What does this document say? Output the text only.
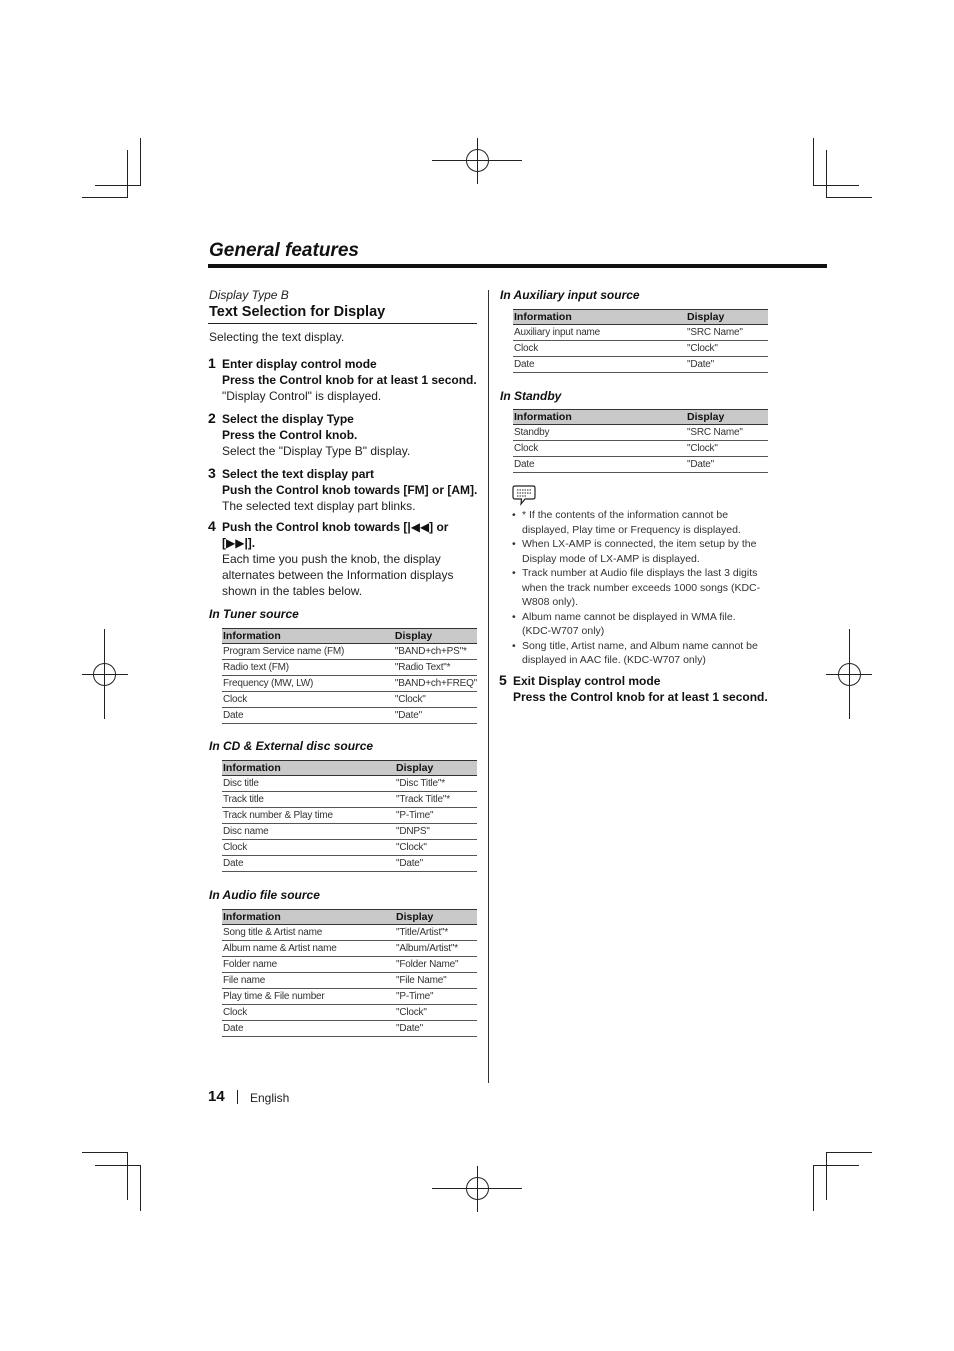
General features
Display Type B
Text Selection for Display
Selecting the text display.
1 Enter display control mode
Press the Control knob for at least 1 second.
"Display Control" is displayed.
2 Select the display Type
Press the Control knob.
Select the "Display Type B" display.
3 Select the text display part
Push the Control knob towards [FM] or [AM].
The selected text display part blinks.
4 Push the Control knob towards [|◀◀] or
[▶▶|].
Each time you push the knob, the display alternates between the Information displays shown in the tables below.
In Tuner source
Information	Display
Program Service name (FM)	"BAND+ch+PS"*
Radio text (FM)	"Radio Text"*
Frequency (MW, LW)	"BAND+ch+FREQ"
Clock	"Clock"
Date	"Date"
In CD & External disc source
Information	Display
Disc title	"Disc Title"*
Track title	"Track Title"*
Track number & Play time	"P-Time"
Disc name	"DNPS"
Clock	"Clock"
Date	"Date"
In Audio file source
Information	Display
Song title & Artist name	"Title/Artist"*
Album name & Artist name	"Album/Artist"*
Folder name	"Folder Name"
File name	"File Name"
Play time & File number	"P-Time"
Clock	"Clock"
Date	"Date"
In Auxiliary input source
Information	Display
Auxiliary input name	"SRC Name"
Clock	"Clock"
Date	"Date"
In Standby
Information	Display
Standby	"SRC Name"
Clock	"Clock"
Date	"Date"
• * If the contents of the information cannot be displayed, Play time or Frequency is displayed.
• When LX-AMP is connected, the item setup by the Display mode of LX-AMP is displayed.
• Track number at Audio file displays the last 3 digits when the track number exceeds 1000 songs (KDC-W808 only).
• Album name cannot be displayed in WMA file. (KDC-W707 only)
• Song title, Artist name, and Album name cannot be displayed in AAC file. (KDC-W707 only)
5 Exit Display control mode
Press the Control knob for at least 1 second.
14 English
